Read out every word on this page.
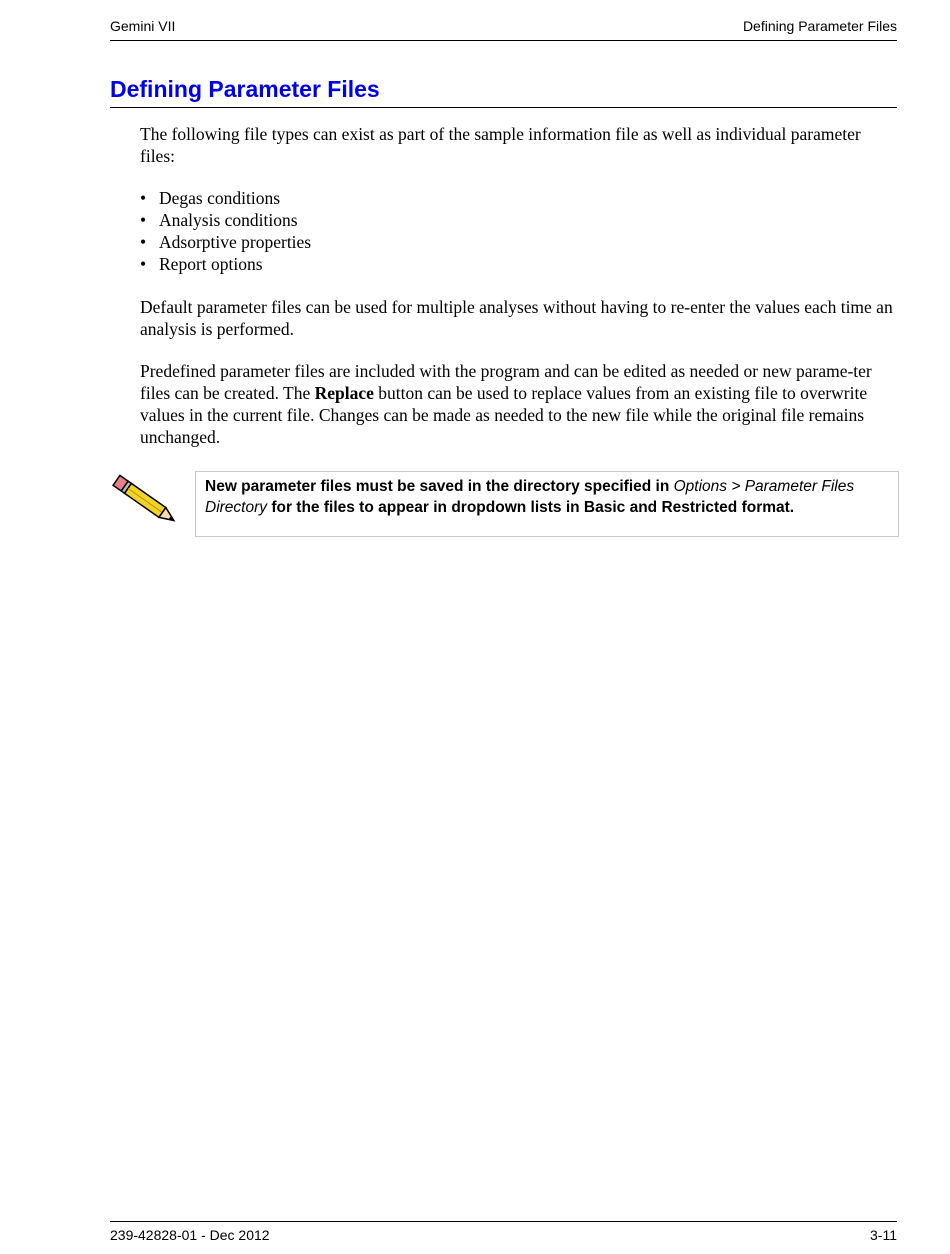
Gemini VII	Defining Parameter Files
Defining Parameter Files

The following file types can exist as part of the sample information file as well as individual parameter files:

• Degas conditions
• Analysis conditions
• Adsorptive properties
• Report options

Default parameter files can be used for multiple analyses without having to re-enter the values each time an analysis is performed.

Predefined parameter files are included with the program and can be edited as needed or new parame-ter files can be created. The Replace button can be used to replace values from an existing file to overwrite values in the current file. Changes can be made as needed to the new file while the original file remains unchanged.

New parameter files must be saved in the directory specified in Options > Parameter Files Directory for the files to appear in dropdown lists in Basic and Restricted format.
239-42828-01 - Dec 2012	3-11
